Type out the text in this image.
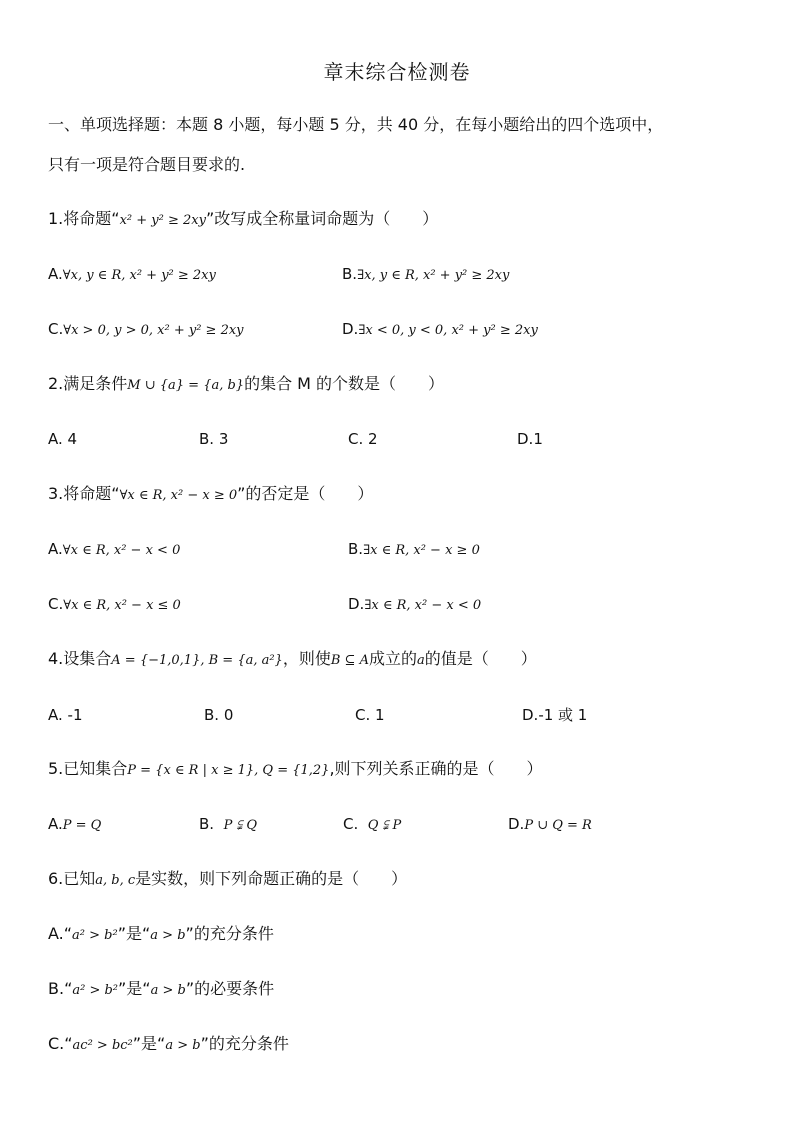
章末综合检测卷
一、单项选择题：本题 8 小题，每小题 5 分，共 40 分，在每小题给出的四个选项中，
只有一项是符合题目要求的.
1.将命题“x² + y² ≥ 2xy”改写成全称量词命题为（　　）
A.∀x, y ∈ R, x² + y² ≥ 2xy	B.∃x, y ∈ R, x² + y² ≥ 2xy
C.∀x > 0, y > 0, x² + y² ≥ 2xy	D.∃x < 0, y < 0, x² + y² ≥ 2xy
2.满足条件M ∪ {a} = {a, b}的集合 M 的个数是（　　）
A. 4	B. 3	C. 2	D.1
3.将命题“∀x ∈ R, x² − x ≥ 0”的否定是（　　）
A.∀x ∈ R, x² − x < 0	B.∃x ∈ R, x² − x ≥ 0
C.∀x ∈ R, x² − x ≤ 0	D.∃x ∈ R, x² − x < 0
4.设集合A = {−1,0,1}, B = {a, a²}，则使B ⊆ A成立的a的值是（　　）
A. -1	B. 0	C. 1	D.-1 或 1
5.已知集合P = {x ∈ R | x ≥ 1}, Q = {1,2},则下列关系正确的是（　　）
A.P = Q	B. P ⫋ Q	C. Q ⫋ P	D.P ∪ Q = R
6.已知a, b, c是实数，则下列命题正确的是（　　）
A.“a² > b²”是“a > b”的充分条件
B.“a² > b²”是“a > b”的必要条件
C.“ac² > bc²”是“a > b”的充分条件
